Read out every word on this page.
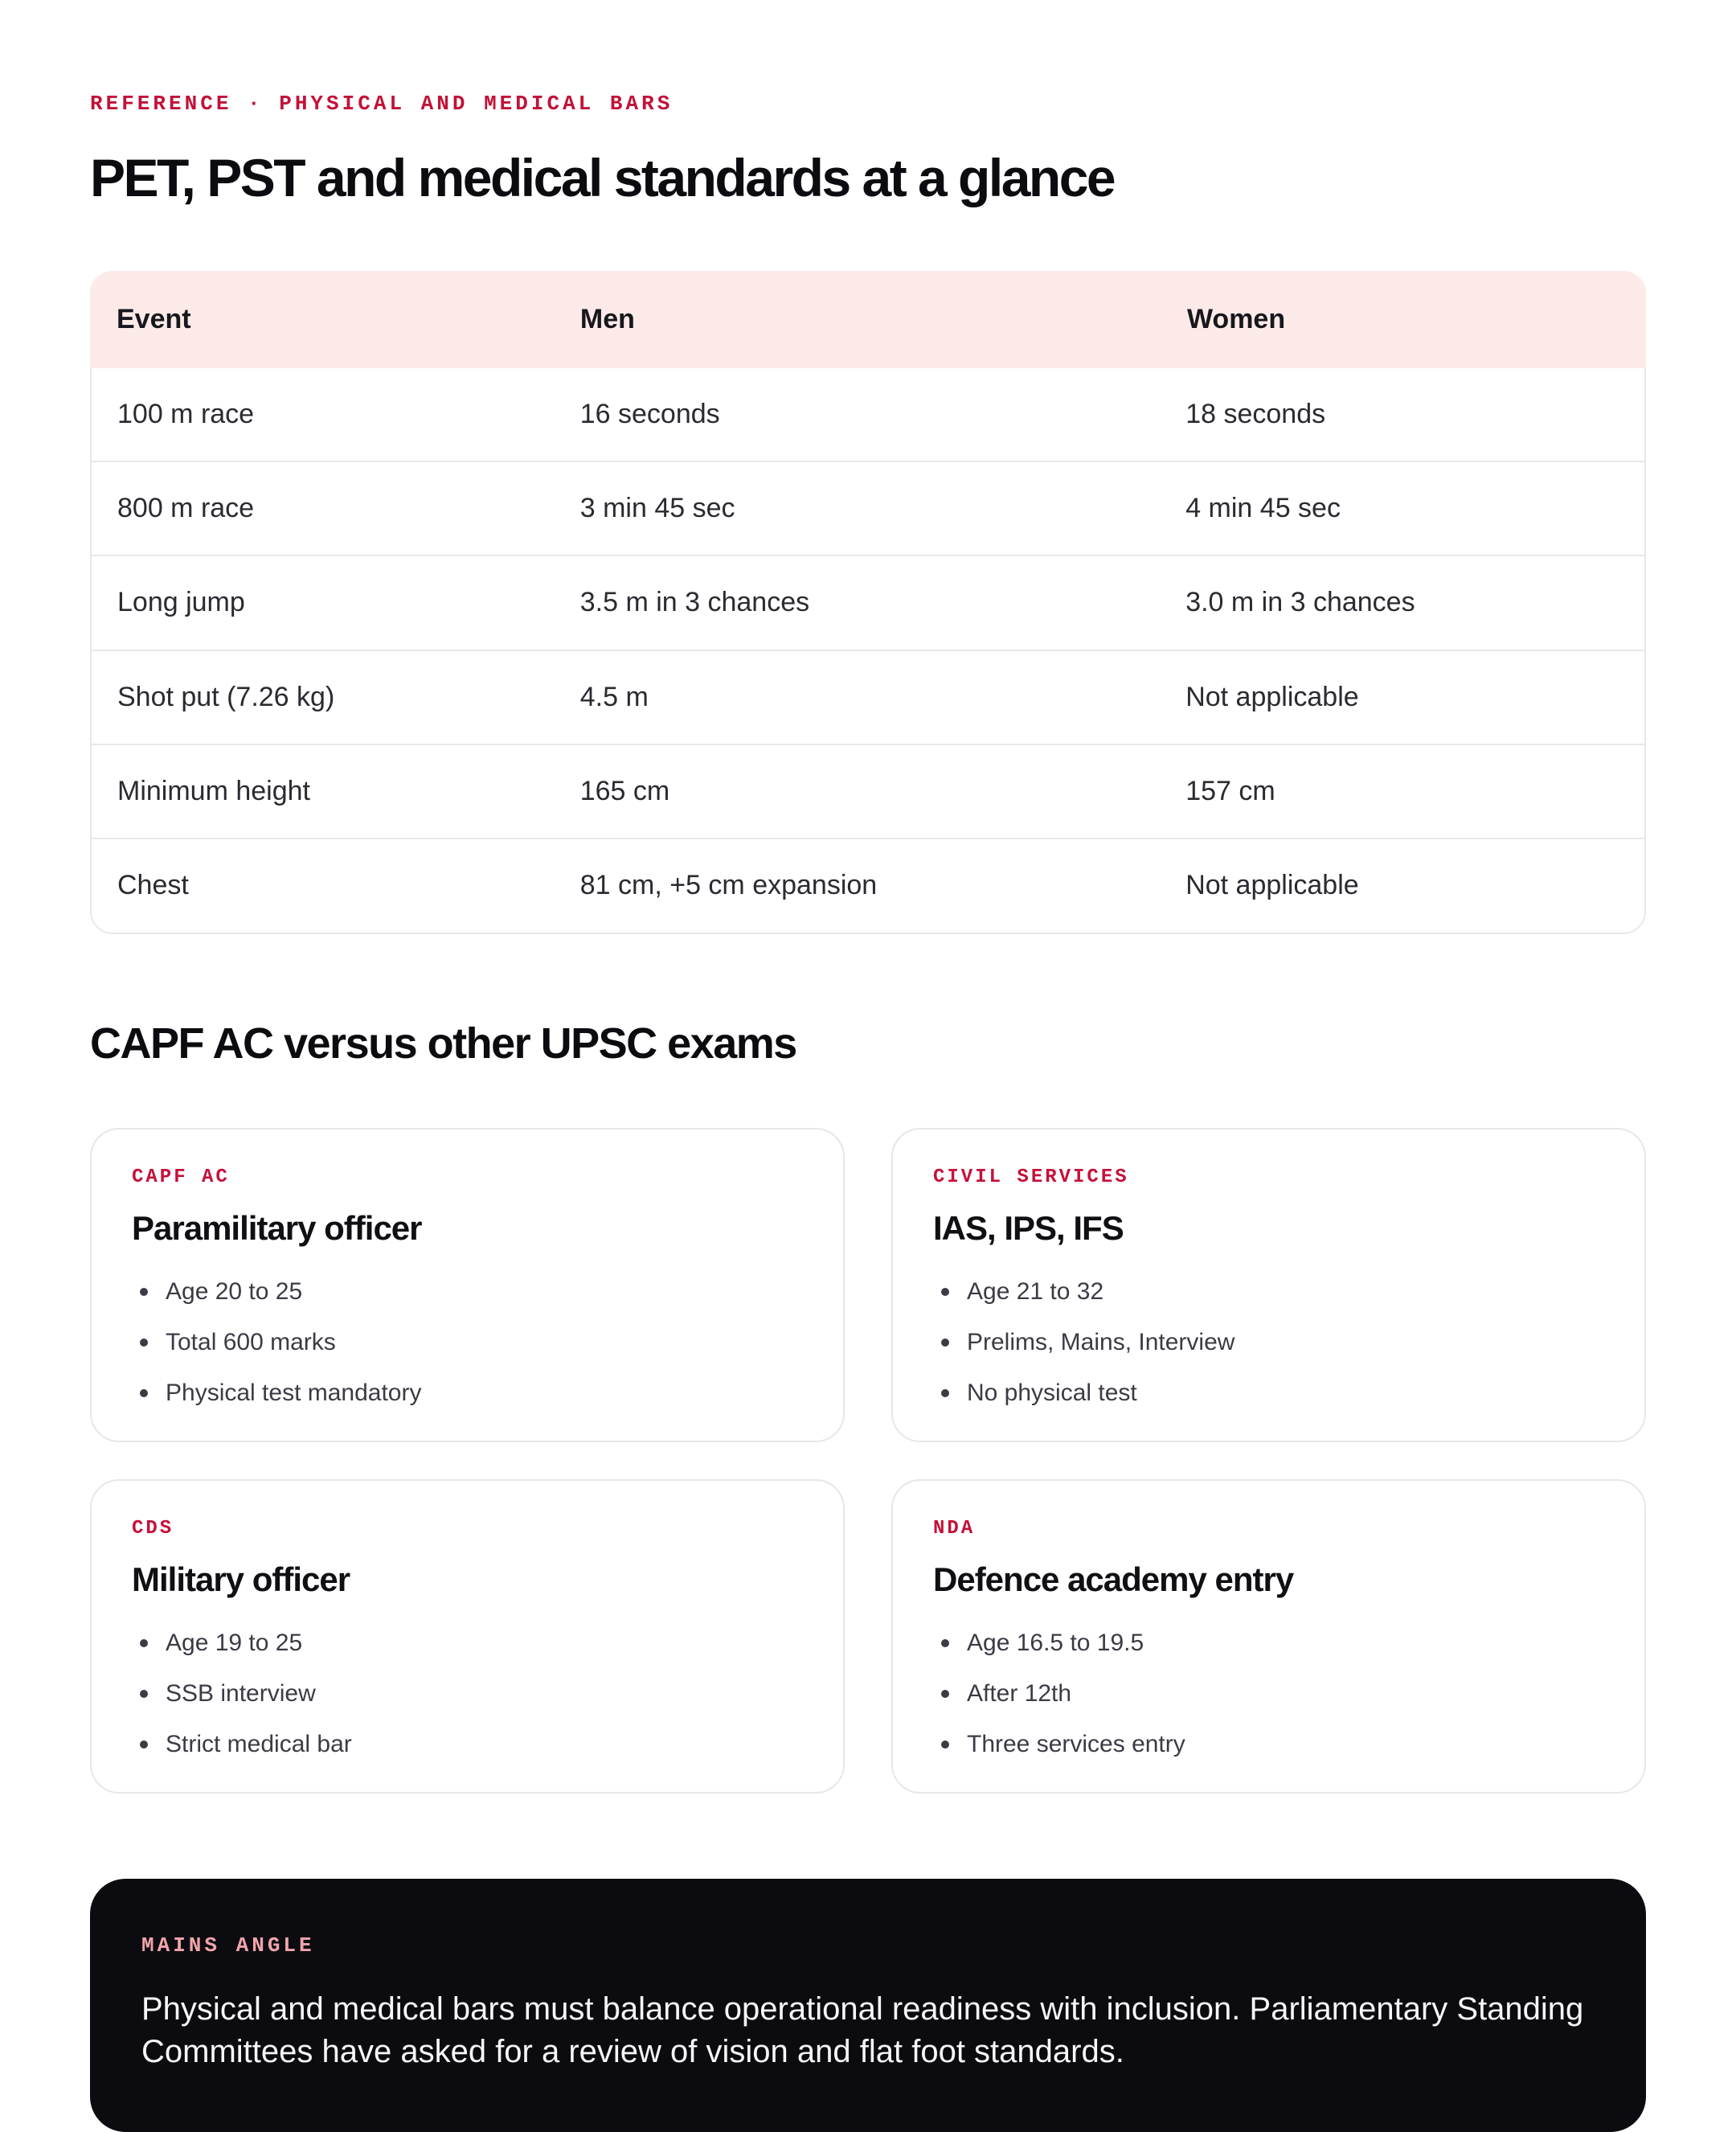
REFERENCE · PHYSICAL AND MEDICAL BARS
PET, PST and medical standards at a glance
Event	Men	Women
100 m race	16 seconds	18 seconds
800 m race	3 min 45 sec	4 min 45 sec
Long jump	3.5 m in 3 chances	3.0 m in 3 chances
Shot put (7.26 kg)	4.5 m	Not applicable
Minimum height	165 cm	157 cm
Chest	81 cm, +5 cm expansion	Not applicable
CAPF AC versus other UPSC exams
CAPF AC
Paramilitary officer
Age 20 to 25
Total 600 marks
Physical test mandatory
CIVIL SERVICES
IAS, IPS, IFS
Age 21 to 32
Prelims, Mains, Interview
No physical test
CDS
Military officer
Age 19 to 25
SSB interview
Strict medical bar
NDA
Defence academy entry
Age 16.5 to 19.5
After 12th
Three services entry
MAINS ANGLE

Physical and medical bars must balance operational readiness with inclusion. Parliamentary Standing Committees have asked for a review of vision and flat foot standards.
